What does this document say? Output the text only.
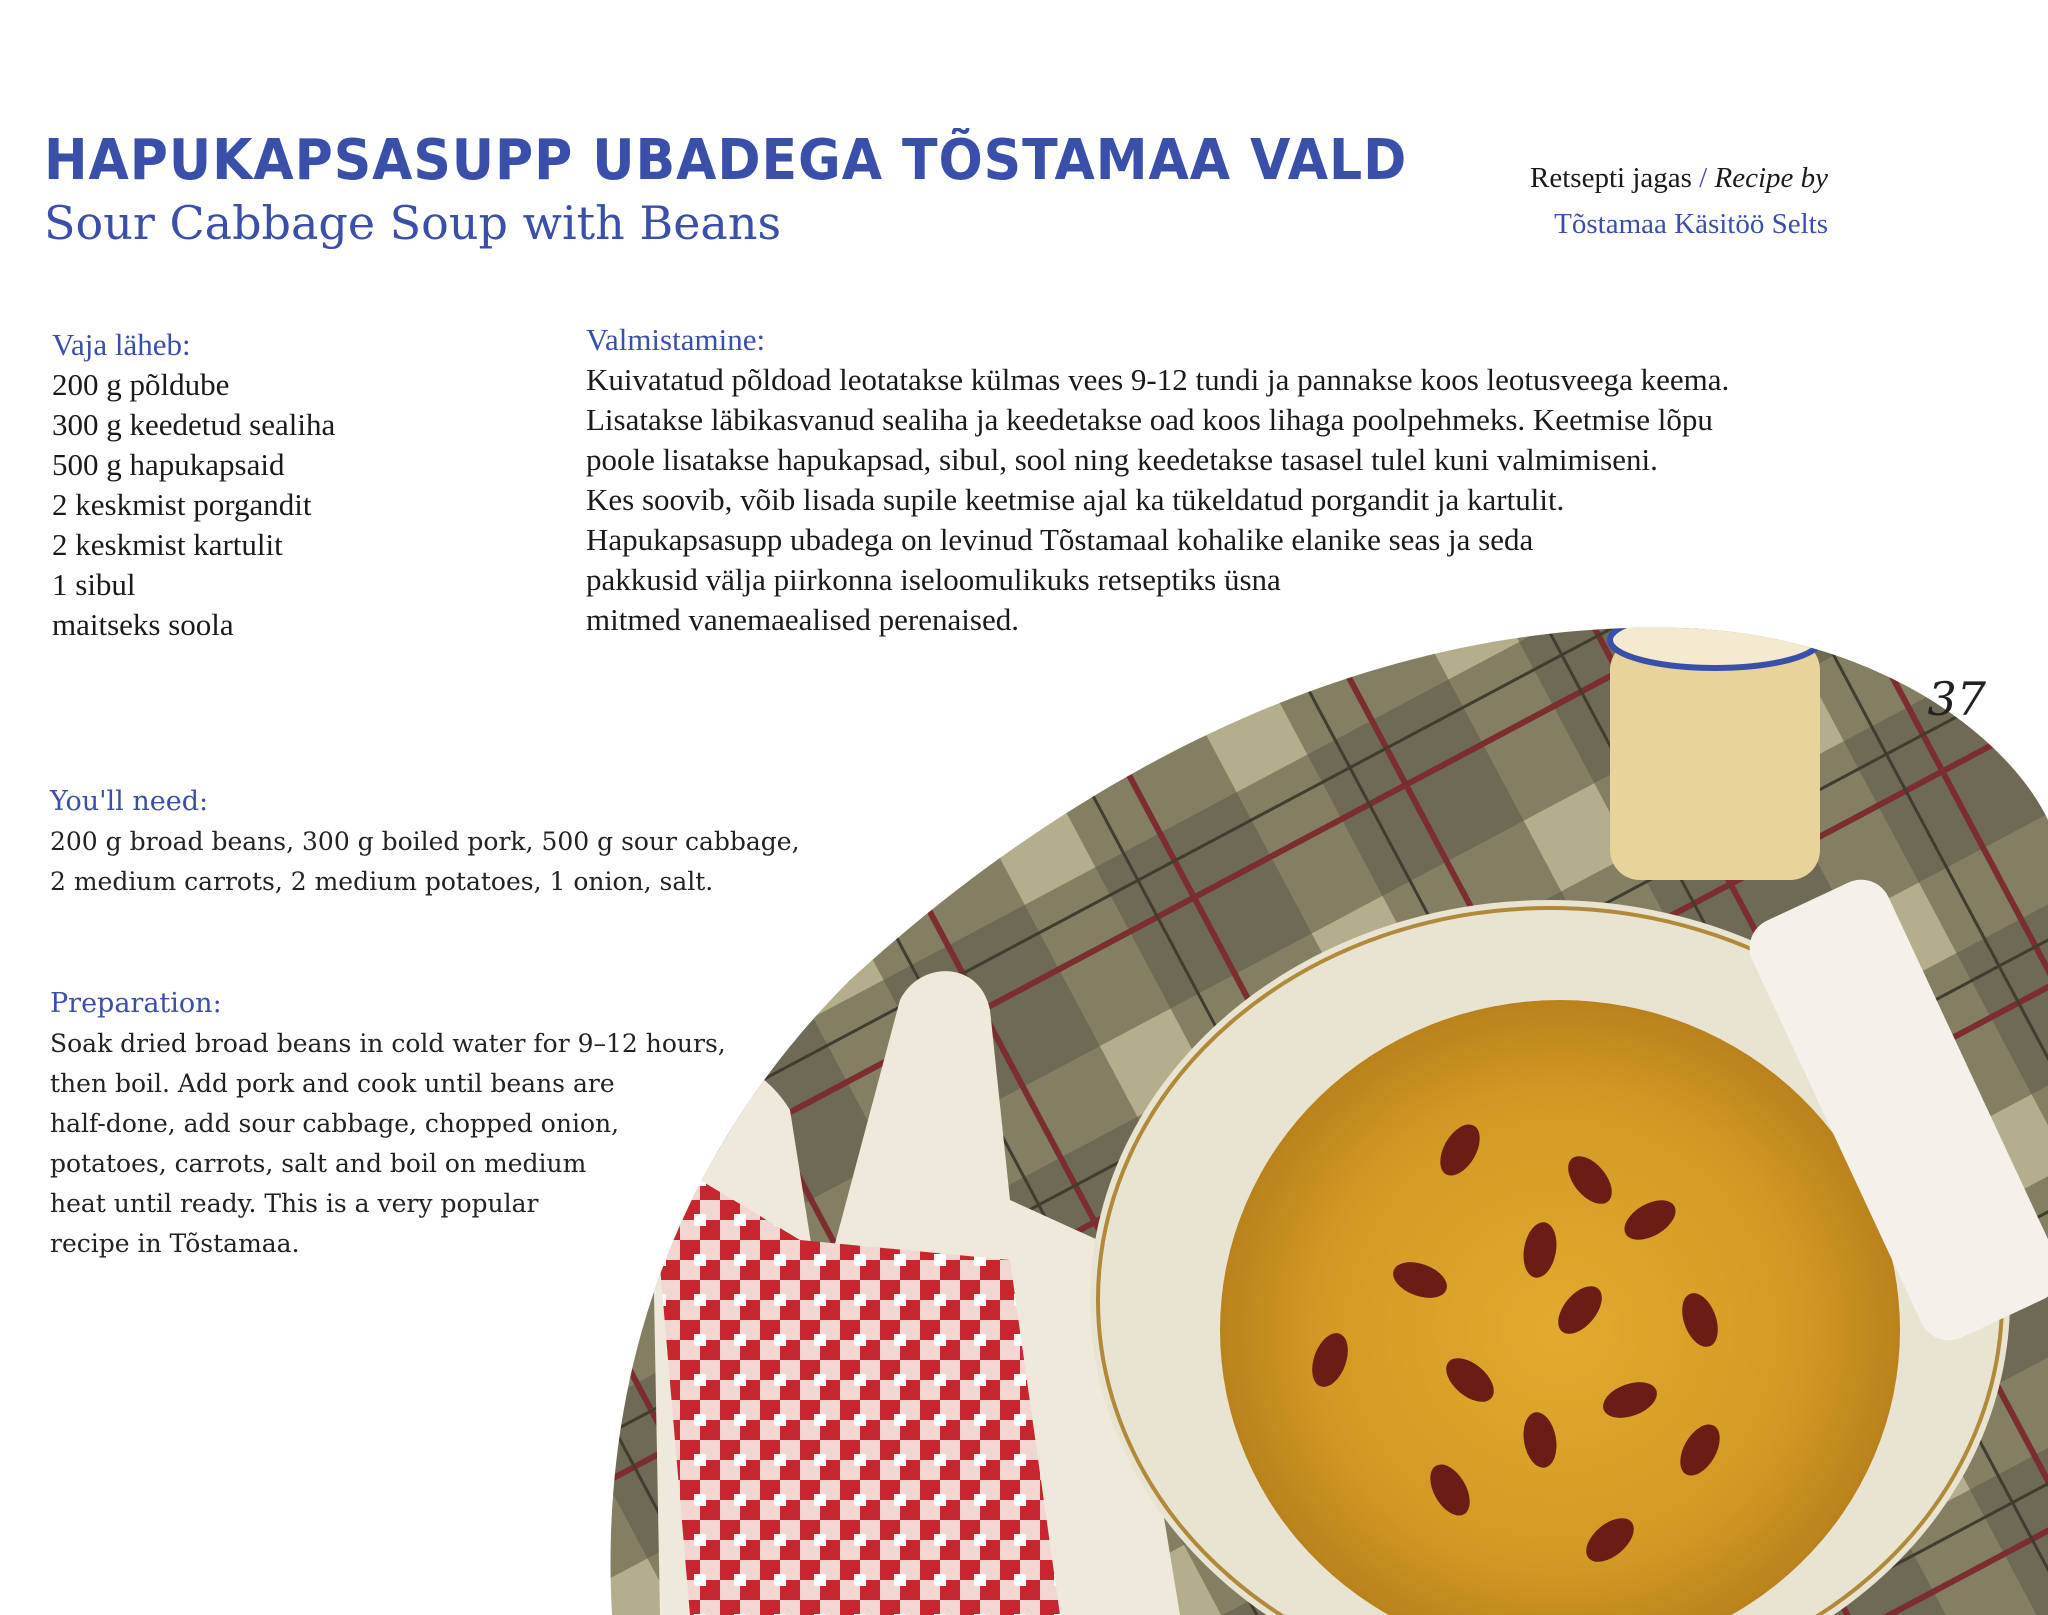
HAPUKAPSASUPP UBADEGA TÕSTAMAA VALD
Sour Cabbage Soup with Beans
Retsepti jagas / Recipe by
Tõstamaa Käsitöö Selts
Vaja läheb:
200 g põldube
300 g keedetud sealiha
500 g hapukapsaid
2 keskmist porgandit
2 keskmist kartulit
1 sibul
maitseks soola
Valmistamine:

Kuivatatud põldoad leotatakse külmas vees 9-12 tundi ja pannakse koos leotusveega keema.

Lisatakse läbikasvanud sealiha ja keedetakse oad koos lihaga poolpehmeks. Keetmise lõpu

poole lisatakse hapukapsad, sibul, sool ning keedetakse tasasel tulel kuni valmimiseni.

Kes soovib, võib lisada supile keetmise ajal ka tükeldatud porgandit ja kartulit.

Hapukapsasupp ubadega on levinud Tõstamaal kohalike elanike seas ja seda

pakkusid välja piirkonna iseloomulikuks retseptiks üsna

mitmed vanemaealised perenaised.

You'll need:
200 g broad beans, 300 g boiled pork, 500 g sour cabbage,
2 medium carrots, 2 medium potatoes, 1 onion, salt.
Preparation:
Soak dried broad beans in cold water for 9–12 hours,
then boil. Add pork and cook until beans are
half-done, add sour cabbage, chopped onion,
potatoes, carrots, salt and boil on medium
heat until ready. This is a very popular
recipe in Tõstamaa.
37
